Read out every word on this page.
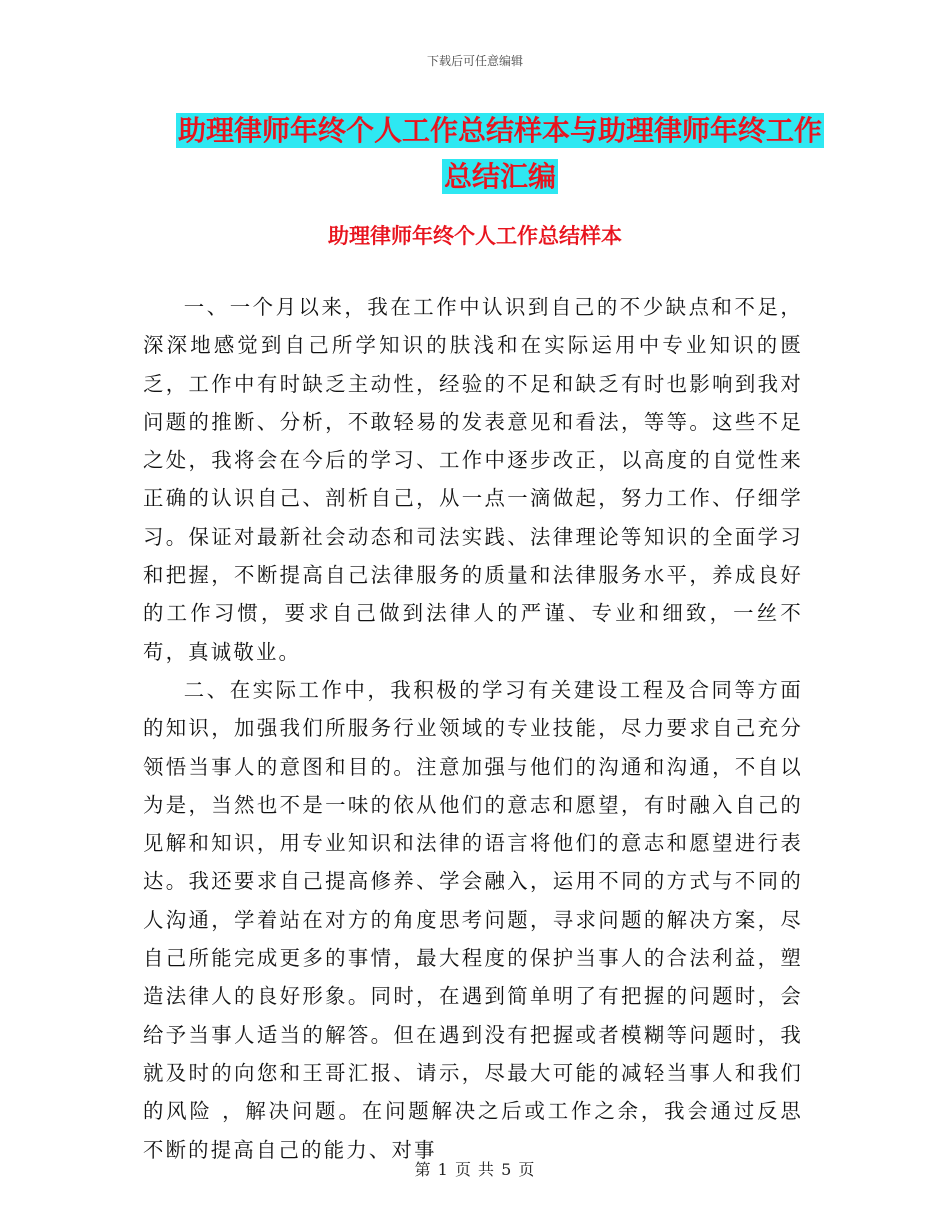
下载后可任意编辑
助理律师年终个人工作总结样本与助理律师年终工作
总结汇编
助理律师年终个人工作总结样本

一、一个月以来，我在工作中认识到自己的不少缺点和不足，深深地感觉到自己所学知识的肤浅和在实际运用中专业知识的匮乏，工作中有时缺乏主动性，经验的不足和缺乏有时也影响到我对问题的推断、分析，不敢轻易的发表意见和看法，等等。这些不足之处，我将会在今后的学习、工作中逐步改正，以高度的自觉性来正确的认识自己、剖析自己，从一点一滴做起，努力工作、仔细学习。保证对最新社会动态和司法实践、法律理论等知识的全面学习和把握，不断提高自己法律服务的质量和法律服务水平，养成良好的工作习惯，要求自己做到法律人的严谨、专业和细致，一丝不苟，真诚敬业。

二、在实际工作中，我积极的学习有关建设工程及合同等方面的知识，加强我们所服务行业领域的专业技能，尽力要求自己充分领悟当事人的意图和目的。注意加强与他们的沟通和沟通，不自以为是，当然也不是一味的依从他们的意志和愿望，有时融入自己的见解和知识，用专业知识和法律的语言将他们的意志和愿望进行表达。我还要求自己提高修养、学会融入，运用不同的方式与不同的人沟通，学着站在对方的角度思考问题，寻求问题的解决方案，尽自己所能完成更多的事情，最大程度的保护当事人的合法利益，塑造法律人的良好形象。同时，在遇到简单明了有把握的问题时，会给予当事人适当的解答。但在遇到没有把握或者模糊等问题时，我就及时的向您和王哥汇报、请示，尽最大可能的减轻当事人和我们的风险 ，解决问题。在问题解决之后或工作之余，我会通过反思不断的提高自己的能力、对事

第 1 页 共 5 页
